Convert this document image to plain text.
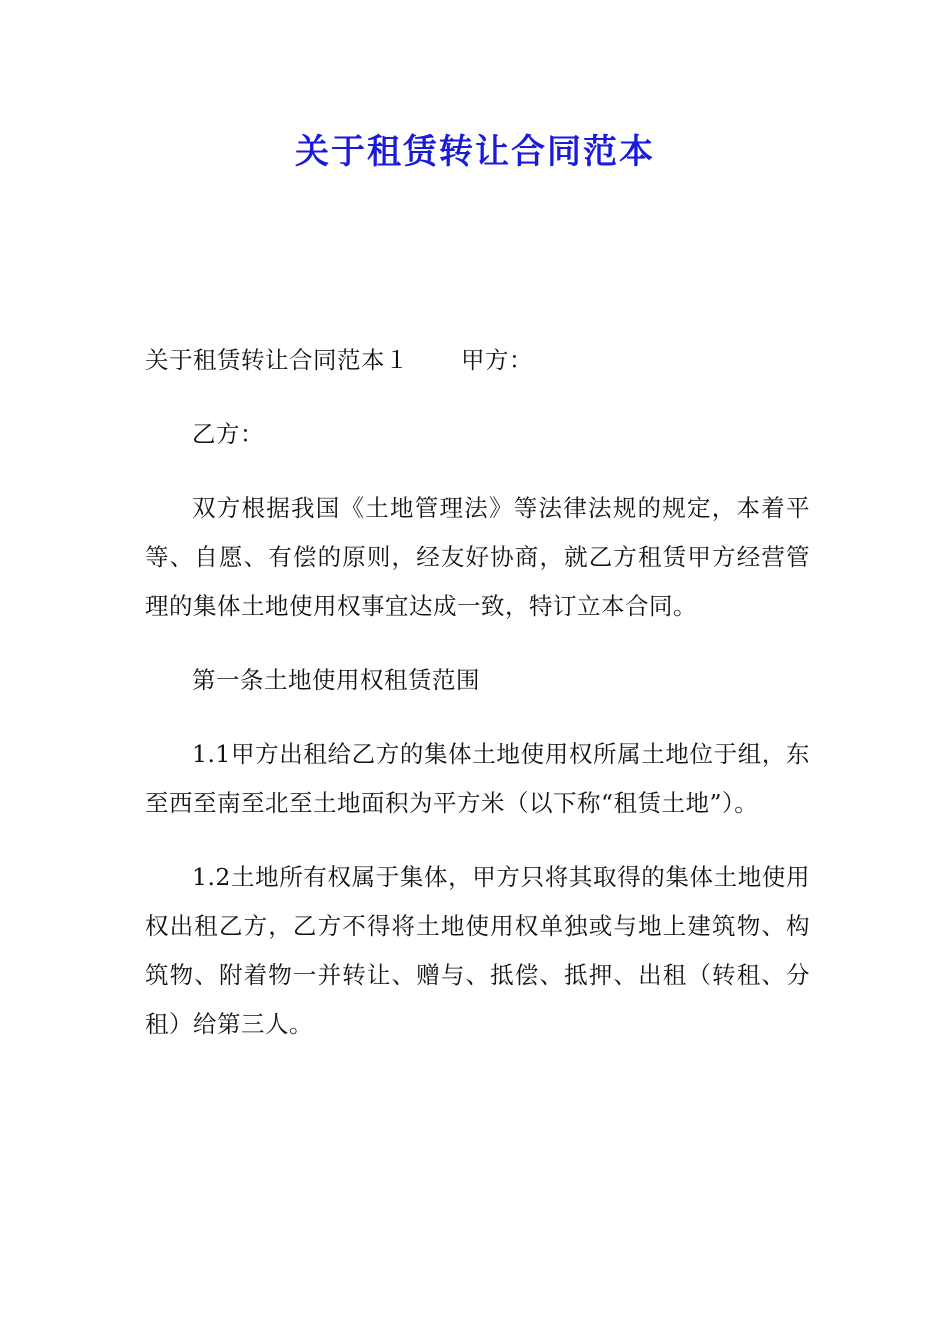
关于租赁转让合同范本

关于租赁转让合同范本１ 甲方：

乙方：

双方根据我国《土地管理法》等法律法规的规定，本着平等、自愿、有偿的原则，经友好协商，就乙方租赁甲方经营管理的集体土地使用权事宜达成一致，特订立本合同。

第一条土地使用权租赁范围

1.1甲方出租给乙方的集体土地使用权所属土地位于组，东至西至南至北至土地面积为平方米（以下称“租赁土地”）。

1.2土地所有权属于集体，甲方只将其取得的集体土地使用权出租乙方，乙方不得将土地使用权单独或与地上建筑物、构筑物、附着物一并转让、赠与、抵偿、抵押、出租（转租、分租）给第三人。
